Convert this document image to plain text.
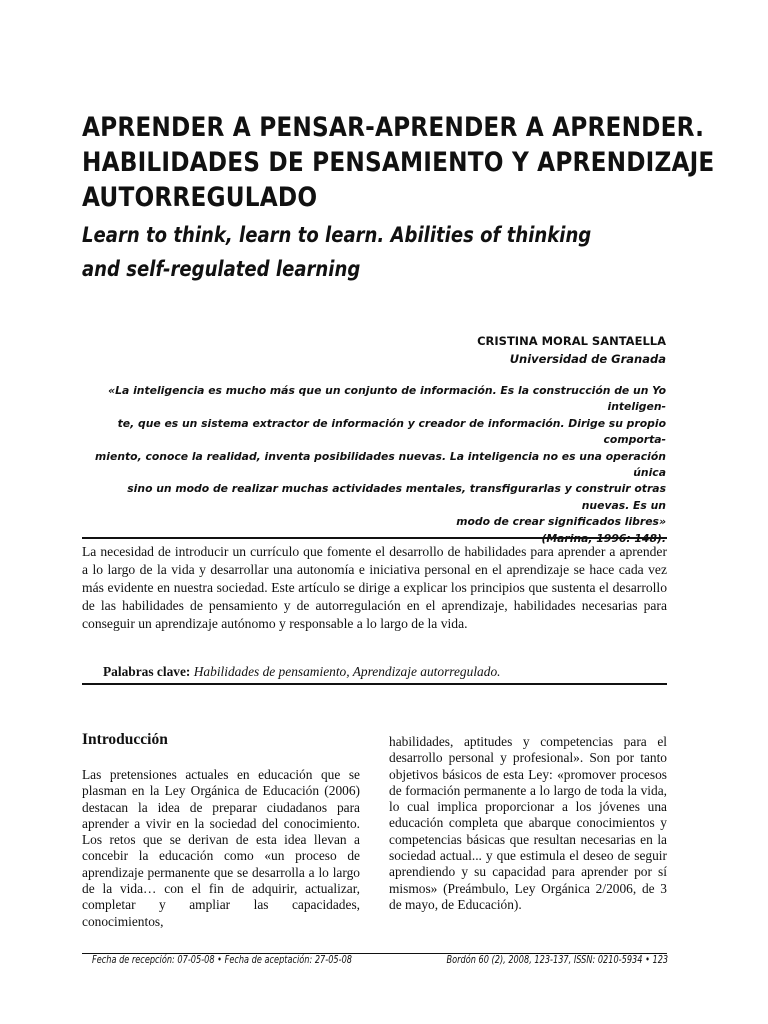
APRENDER A PENSAR-APRENDER A APRENDER.
HABILIDADES DE PENSAMIENTO Y APRENDIZAJE
AUTORREGULADO
Learn to think, learn to learn. Abilities of thinking
and self-regulated learning
CRISTINA MORAL SANTAELLA
Universidad de Granada
«La inteligencia es mucho más que un conjunto de información. Es la construcción de un Yo inteligen-
te, que es un sistema extractor de información y creador de información. Dirige su propio comporta-
miento, conoce la realidad, inventa posibilidades nuevas. La inteligencia no es una operación única
sino un modo de realizar muchas actividades mentales, transfigurarlas y construir otras nuevas. Es un
modo de crear significados libres»
La necesidad de introducir un currículo que fomente el desarrollo de habilidades para aprender a aprender a lo largo de la vida y desarrollar una autonomía e iniciativa personal en el aprendizaje se hace cada vez más evidente en nuestra sociedad. Este artículo se dirige a explicar los principios que sustenta el desarrollo de las habilidades de pensamiento y de autorregulación en el aprendizaje, habilidades necesarias para conseguir un aprendizaje autónomo y responsable a lo largo de la vida.
Palabras clave: Habilidades de pensamiento, Aprendizaje autorregulado.
Introducción
Las pretensiones actuales en educación que se plasman en la Ley Orgánica de Educación (2006) destacan la idea de preparar ciudadanos para aprender a vivir en la sociedad del conocimiento. Los retos que se derivan de esta idea llevan a concebir la educación como «un proceso de aprendizaje permanente que se desarrolla a lo largo de la vida… con el fin de adquirir, actualizar, completar y ampliar las capacidades, conocimientos,
habilidades, aptitudes y competencias para el desarrollo personal y profesional». Son por tanto objetivos básicos de esta Ley: «promover procesos de formación permanente a lo largo de toda la vida, lo cual implica proporcionar a los jóvenes una educación completa que abarque conocimientos y competencias básicas que resultan necesarias en la sociedad actual... y que estimula el deseo de seguir aprendiendo y su capacidad para aprender por sí mismos» (Preámbulo, Ley Orgánica 2/2006, de 3 de mayo, de Educación).
Fecha de recepción: 07-05-08 • Fecha de aceptación: 27-05-08	Bordón 60 (2), 2008, 123-137, ISSN: 0210-5934 • 123
